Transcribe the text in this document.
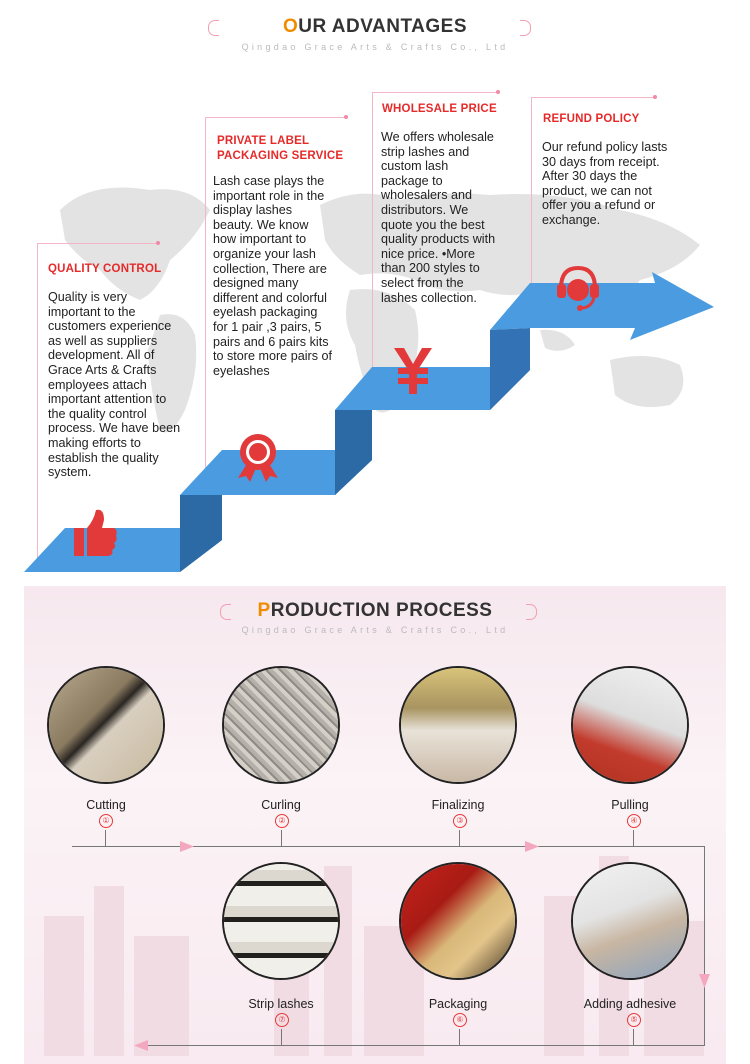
OUR ADVANTAGES
Qingdao Grace Arts & Crafts Co., Ltd
QUALITY CONTROL
Quality is very important to the customers experience as well as suppliers development. All of Grace Arts & Crafts employees attach important attention to the quality control process. We have been making efforts to establish the quality system.
PRIVATE LABEL PACKAGING SERVICE
Lash case plays the important role in the display lashes beauty. We know how important to organize your lash collection, There are designed many different and colorful eyelash packaging for 1 pair ,3 pairs, 5 pairs and 6 pairs kits to store more pairs of eyelashes
WHOLESALE PRICE
We offers wholesale strip lashes and custom lash package to wholesalers and distributors. We quote you the best quality products with nice price. •More than 200 styles to select from the lashes collection.
REFUND POLICY
Our refund policy lasts 30 days from receipt. After 30 days the product, we can not offer you a refund or exchange.
PRODUCTION PROCESS
Qingdao Grace Arts & Crafts Co., Ltd
Cutting
①
Curling
②
Finalizing
③
Pulling
④
Strip lashes
⑦
Packaging
⑥
Adding adhesive
⑤
